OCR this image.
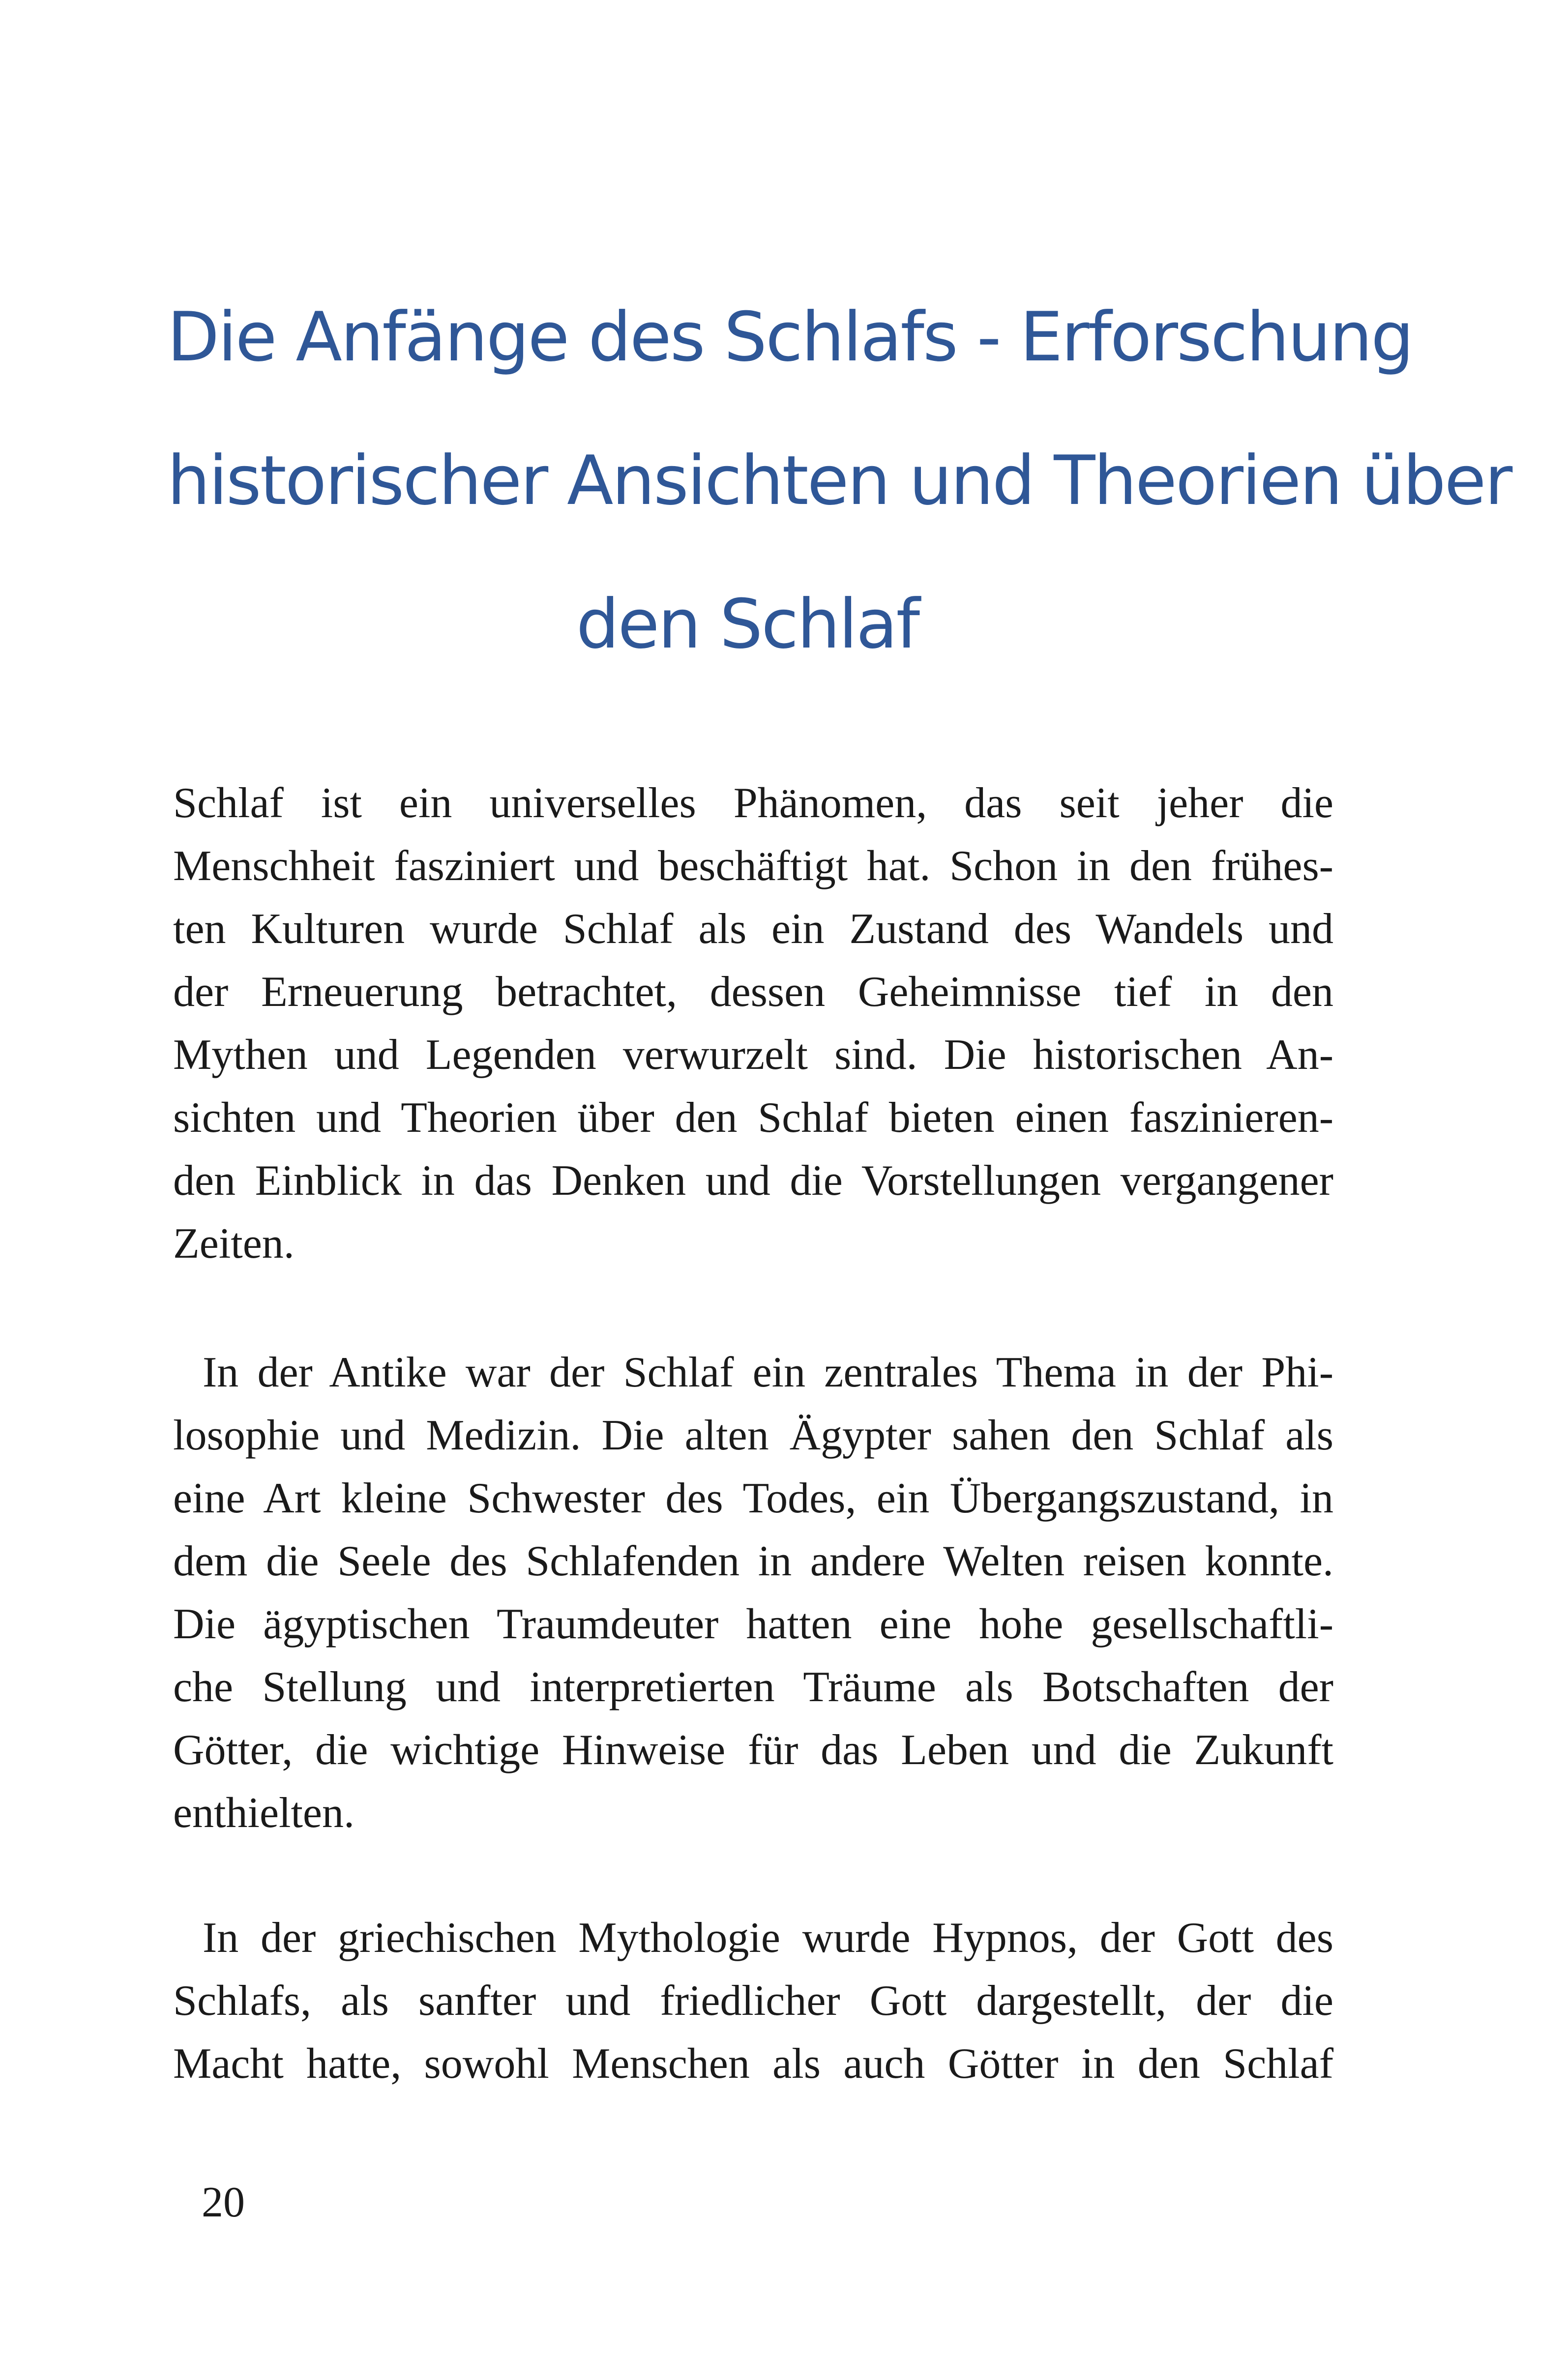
Die Anfänge des Schlafs - Erforschung
historischer Ansichten und Theorien über
den Schlaf
Schlaf ist ein universelles Phänomen, das seit jeher die
Menschheit fasziniert und beschäftigt hat. Schon in den frühes-
ten Kulturen wurde Schlaf als ein Zustand des Wandels und
der Erneuerung betrachtet, dessen Geheimnisse tief in den
Mythen und Legenden verwurzelt sind. Die historischen An-
sichten und Theorien über den Schlaf bieten einen faszinieren-
den Einblick in das Denken und die Vorstellungen vergangener
Zeiten.
In der Antike war der Schlaf ein zentrales Thema in der Phi-
losophie und Medizin. Die alten Ägypter sahen den Schlaf als
eine Art kleine Schwester des Todes, ein Übergangszustand, in
dem die Seele des Schlafenden in andere Welten reisen konnte.
Die ägyptischen Traumdeuter hatten eine hohe gesellschaftli-
che Stellung und interpretierten Träume als Botschaften der
Götter, die wichtige Hinweise für das Leben und die Zukunft
enthielten.
In der griechischen Mythologie wurde Hypnos, der Gott des
Schlafs, als sanfter und friedlicher Gott dargestellt, der die
Macht hatte, sowohl Menschen als auch Götter in den Schlaf
20
